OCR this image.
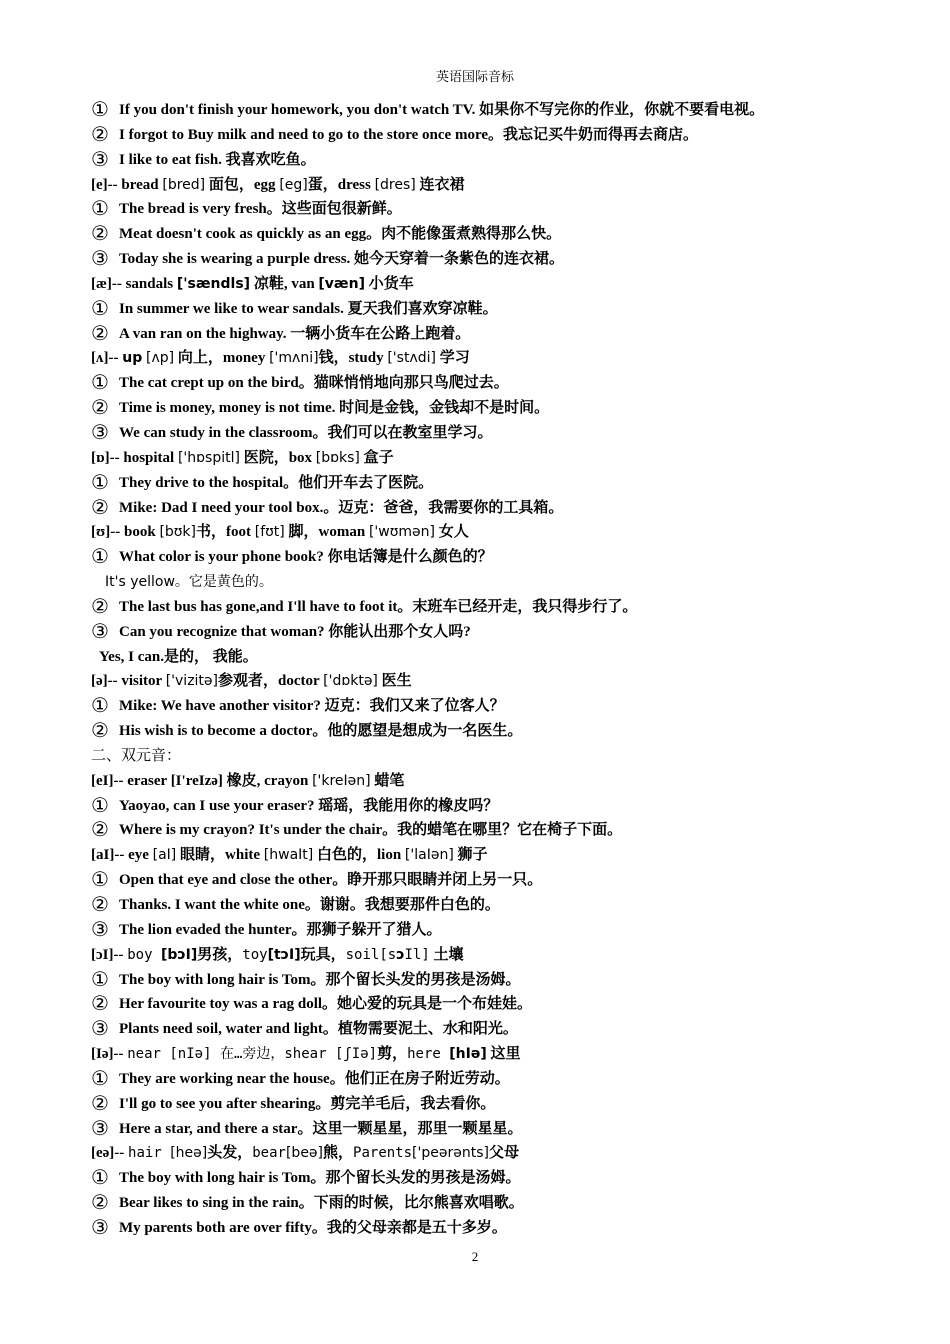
英语国际音标
① If you don't finish your homework, you don't watch TV. 如果你不写完你的作业，你就不要看电视。
② I forgot to Buy milk and need to go to the store once more。我忘记买牛奶而得再去商店。
③ I like to eat fish. 我喜欢吃鱼。
[e]-- bread [bred] 面包，egg [eg]蛋，dress [dres] 连衣裙
① The bread is very fresh。这些面包很新鲜。
② Meat doesn't cook as quickly as an egg。肉不能像蛋煮熟得那么快。
③ Today she is wearing a purple dress. 她今天穿着一条紫色的连衣裙。
[æ]-- sandals ['sændls] 凉鞋, van [væn] 小货车
① In summer we like to wear sandals. 夏天我们喜欢穿凉鞋。
② A van ran on the highway. 一辆小货车在公路上跑着。
[ʌ]-- up [ʌp] 向上，money ['mʌni]钱，study ['stʌdi] 学习
① The cat crept up on the bird。猫咪悄悄地向那只鸟爬过去。
② Time is money, money is not time. 时间是金钱，金钱却不是时间。
③ We can study in the classroom。我们可以在教室里学习。
[ɒ]-- hospital ['hɒspitl] 医院，box [bɒks] 盒子
① They drive to the hospital。他们开车去了医院。
② Mike: Dad I need your tool box.。迈克：爸爸，我需要你的工具箱。
[ʊ]-- book [bʊk]书，foot [fʊt] 脚，woman ['wʊmən] 女人
① What color is your phone book? 你电话簿是什么颜色的？
It's yellow。它是黄色的。
② The last bus has gone,and I'll have to foot it。末班车已经开走，我只得步行了。
③ Can you recognize that woman? 你能认出那个女人吗?
Yes, I can.是的， 我能。
[ə]-- visitor ['vizitə]参观者，doctor ['dɒktə] 医生
① Mike: We have another visitor? 迈克：我们又来了位客人？
② His wish is to become a doctor。他的愿望是想成为一名医生。
二、双元音：
[eI]-- eraser [I'reIzə] 橡皮, crayon ['kreIən] 蜡笔
① Yaoyao, can I use your eraser? 瑶瑶，我能用你的橡皮吗？
② Where is my crayon? It's under the chair。我的蜡笔在哪里？它在椅子下面。
[aI]-- eye [aI] 眼睛，white [hwaIt] 白色的，lion ['laIən] 狮子
① Open that eye and close the other。睁开那只眼睛并闭上另一只。
② Thanks. I want the white one。谢谢。我想要那件白色的。
③ The lion evaded the hunter。那狮子躲开了猎人。
[ɔI]-- boy [bɔI]男孩，toy[tɔI]玩具，soil[sɔIl] 土壤
① The boy with long hair is Tom。那个留长头发的男孩是汤姆。
② Her favourite toy was a rag doll。她心爱的玩具是一个布娃娃。
③ Plants need soil, water and light。植物需要泥土、水和阳光。
[Iə]-- near [nIə] 在…旁边，shear [ʃIə]剪，here [hIə] 这里
① They are working near the house。他们正在房子附近劳动。
② I'll go to see you after shearing。剪完羊毛后，我去看你。
③ Here a star, and there a star。这里一颗星星，那里一颗星星。
[eə]-- hair [heə]头发，bear[beə]熊，Parents['peərənts]父母
① The boy with long hair is Tom。那个留长头发的男孩是汤姆。
② Bear likes to sing in the rain。下雨的时候，比尔熊喜欢唱歌。
③ My parents both are over fifty。我的父母亲都是五十多岁。
2
